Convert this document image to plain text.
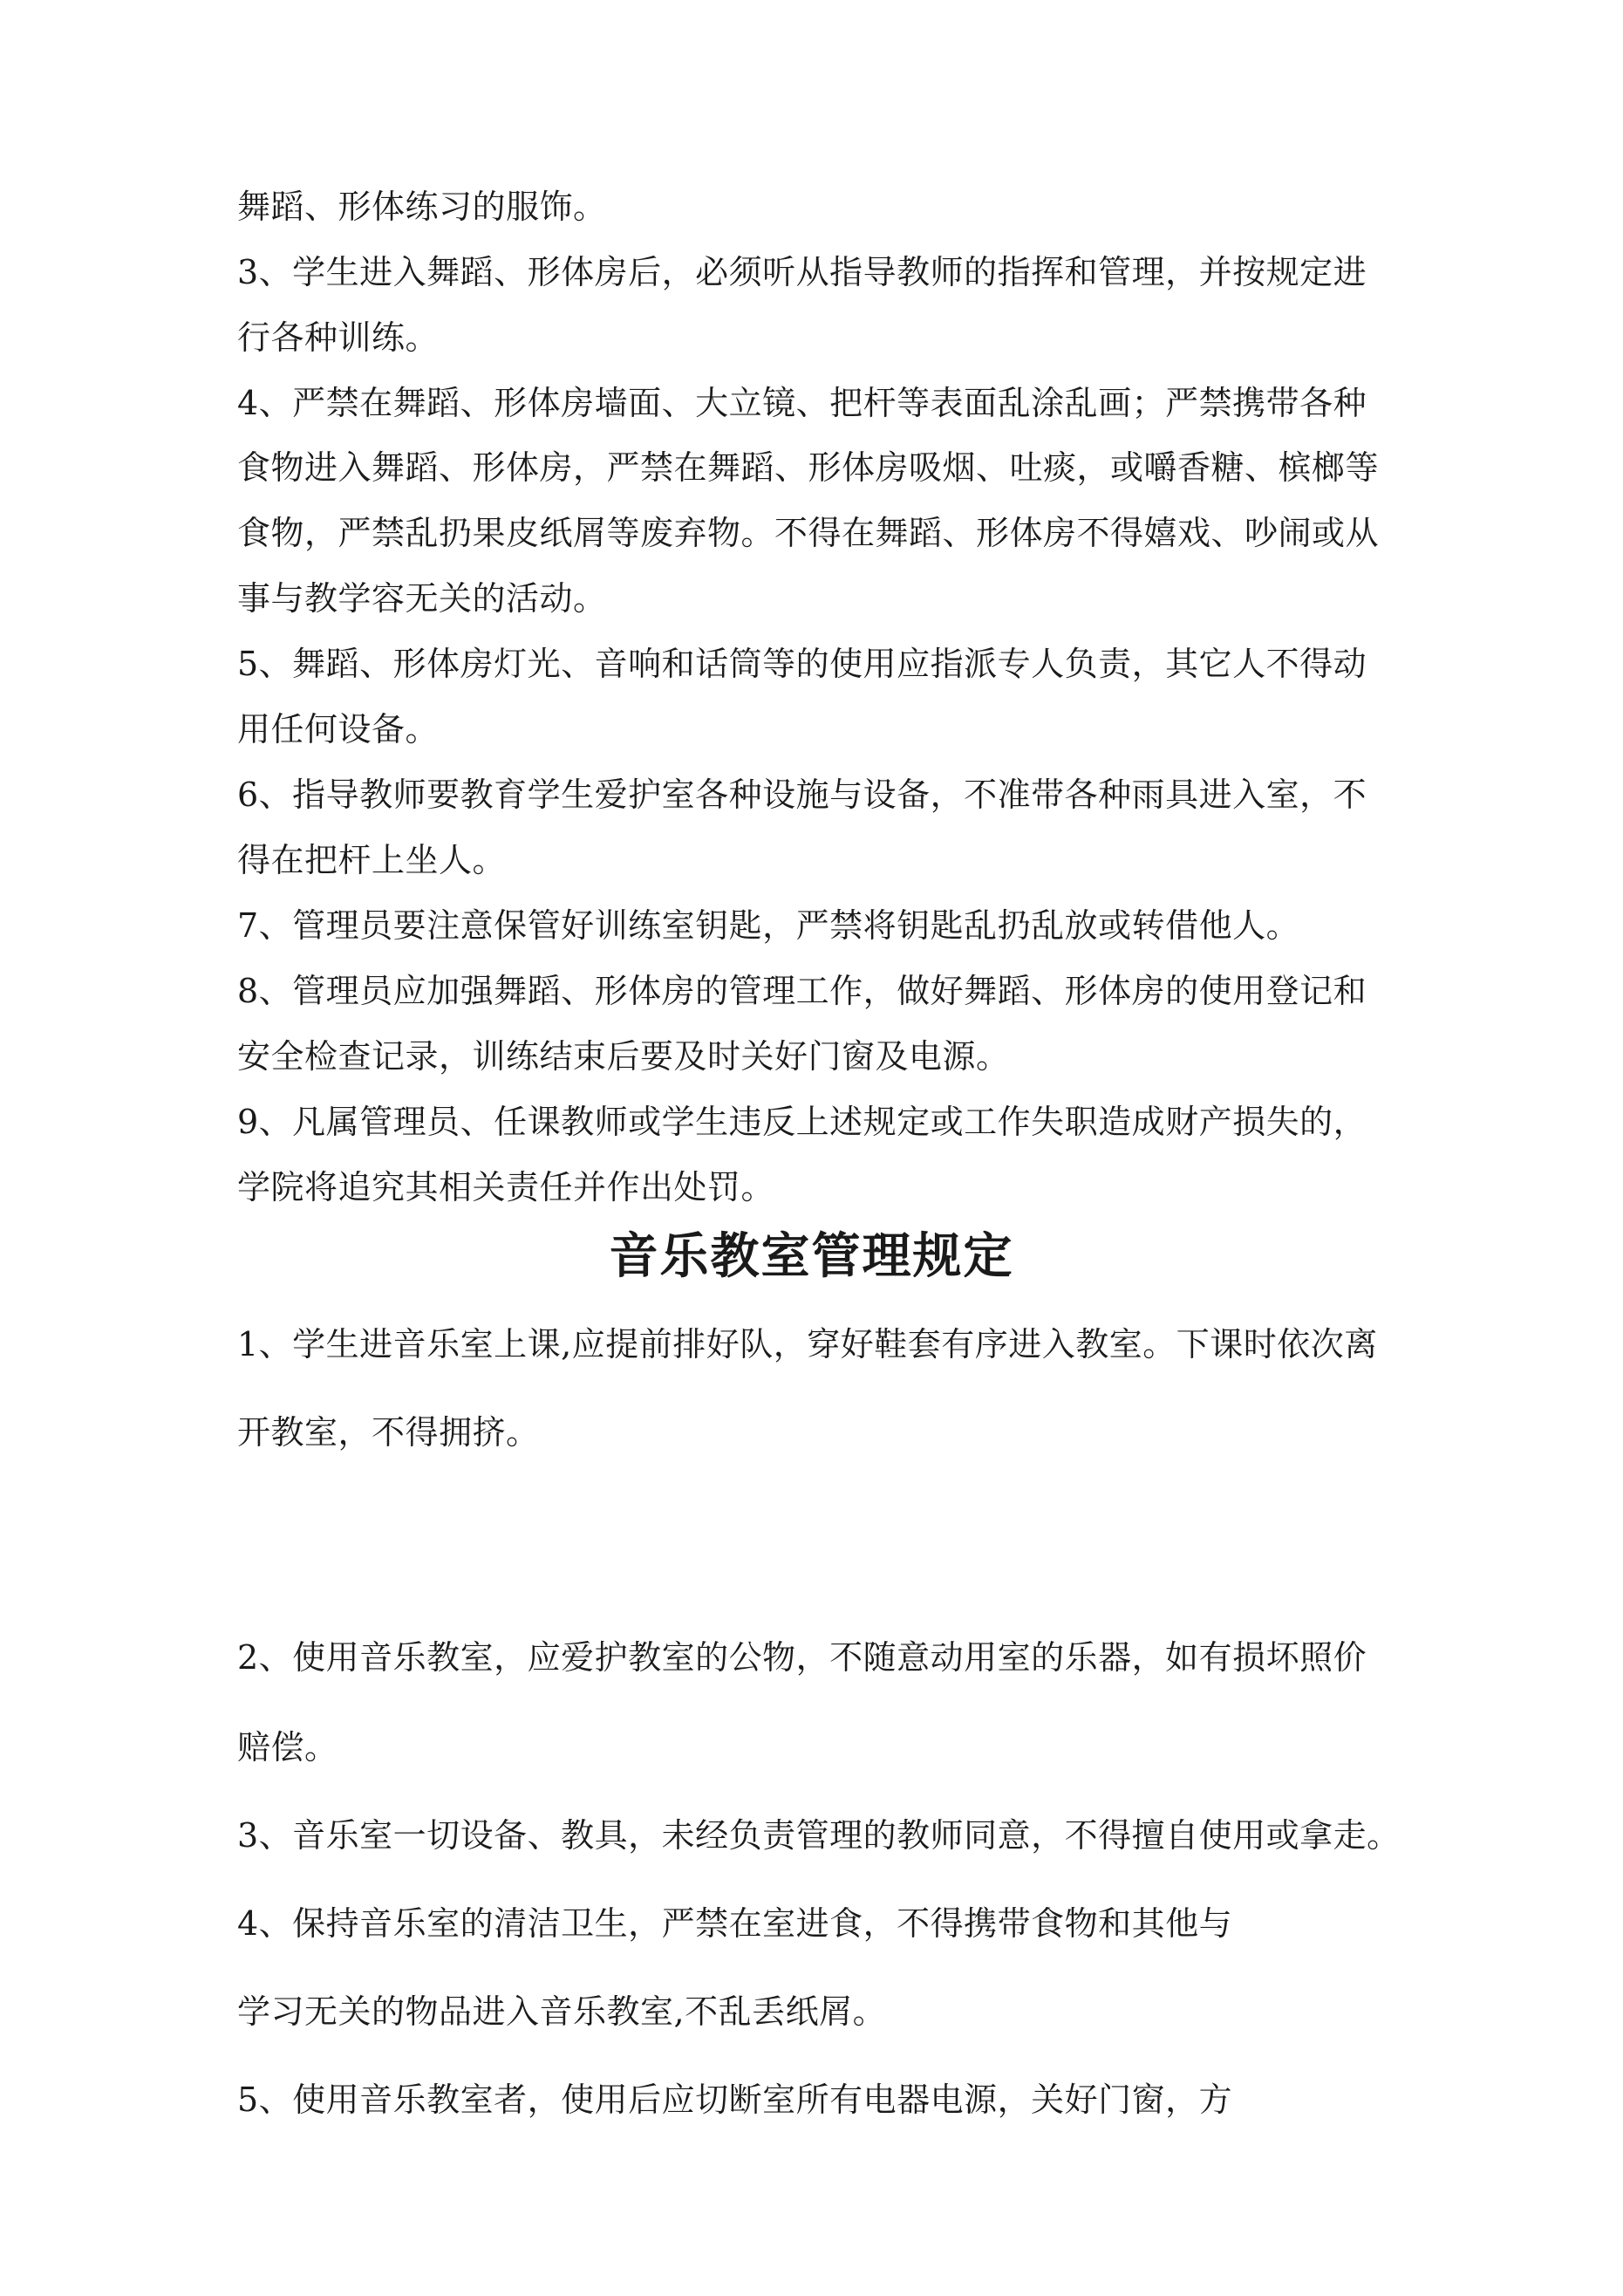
舞蹈、形体练习的服饰。

3、学生进入舞蹈、形体房后，必须听从指导教师的指挥和管理，并按规定进

行各种训练。

4、严禁在舞蹈、形体房墙面、大立镜、把杆等表面乱涂乱画；严禁携带各种

食物进入舞蹈、形体房，严禁在舞蹈、形体房吸烟、吐痰，或嚼香糖、槟榔等

食物，严禁乱扔果皮纸屑等废弃物。不得在舞蹈、形体房不得嬉戏、吵闹或从

事与教学容无关的活动。

5、舞蹈、形体房灯光、音响和话筒等的使用应指派专人负责，其它人不得动

用任何设备。

6、指导教师要教育学生爱护室各种设施与设备，不准带各种雨具进入室，不

得在把杆上坐人。

7、管理员要注意保管好训练室钥匙，严禁将钥匙乱扔乱放或转借他人。

8、管理员应加强舞蹈、形体房的管理工作，做好舞蹈、形体房的使用登记和

安全检查记录，训练结束后要及时关好门窗及电源。

9、凡属管理员、任课教师或学生违反上述规定或工作失职造成财产损失的，

学院将追究其相关责任并作出处罚。

音乐教室管理规定

1、学生进音乐室上课,应提前排好队，穿好鞋套有序进入教室。下课时依次离

开教室，不得拥挤。

2、使用音乐教室，应爱护教室的公物，不随意动用室的乐器，如有损坏照价

赔偿。

3、音乐室一切设备、教具，未经负责管理的教师同意，不得擅自使用或拿走。

4、保持音乐室的清洁卫生，严禁在室进食，不得携带食物和其他与

学习无关的物品进入音乐教室,不乱丢纸屑。

5、使用音乐教室者，使用后应切断室所有电器电源，关好门窗，方
